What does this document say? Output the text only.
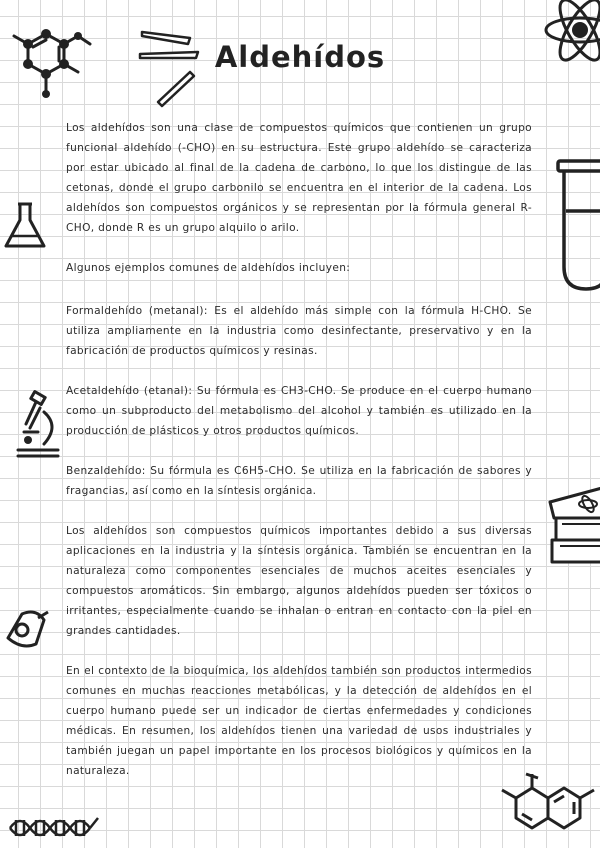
Aldehídos

Los aldehídos son una clase de compuestos químicos que contienen un grupo funcional aldehído (-CHO) en su estructura. Este grupo aldehído se caracteriza por estar ubicado al final de la cadena de carbono, lo que los distingue de las cetonas, donde el grupo carbonilo se encuentra en el interior de la cadena. Los aldehídos son compuestos orgánicos y se representan por la fórmula general R-CHO, donde R es un grupo alquilo o arilo.

Algunos ejemplos comunes de aldehídos incluyen:

Formaldehído (metanal): Es el aldehído más simple con la fórmula H-CHO. Se utiliza ampliamente en la industria como desinfectante, preservativo y en la fabricación de productos químicos y resinas.

Acetaldehído (etanal): Su fórmula es CH3-CHO. Se produce en el cuerpo humano como un subproducto del metabolismo del alcohol y también es utilizado en la producción de plásticos y otros productos químicos.

Benzaldehído: Su fórmula es C6H5-CHO. Se utiliza en la fabricación de sabores y fragancias, así como en la síntesis orgánica.

Los aldehídos son compuestos químicos importantes debido a sus diversas aplicaciones en la industria y la síntesis orgánica. También se encuentran en la naturaleza como componentes esenciales de muchos aceites esenciales y compuestos aromáticos. Sin embargo, algunos aldehídos pueden ser tóxicos o irritantes, especialmente cuando se inhalan o entran en contacto con la piel en grandes cantidades.

En el contexto de la bioquímica, los aldehídos también son productos intermedios comunes en muchas reacciones metabólicas, y la detección de aldehídos en el cuerpo humano puede ser un indicador de ciertas enfermedades y condiciones médicas. En resumen, los aldehídos tienen una variedad de usos industriales y también juegan un papel importante en los procesos biológicos y químicos en la naturaleza.
